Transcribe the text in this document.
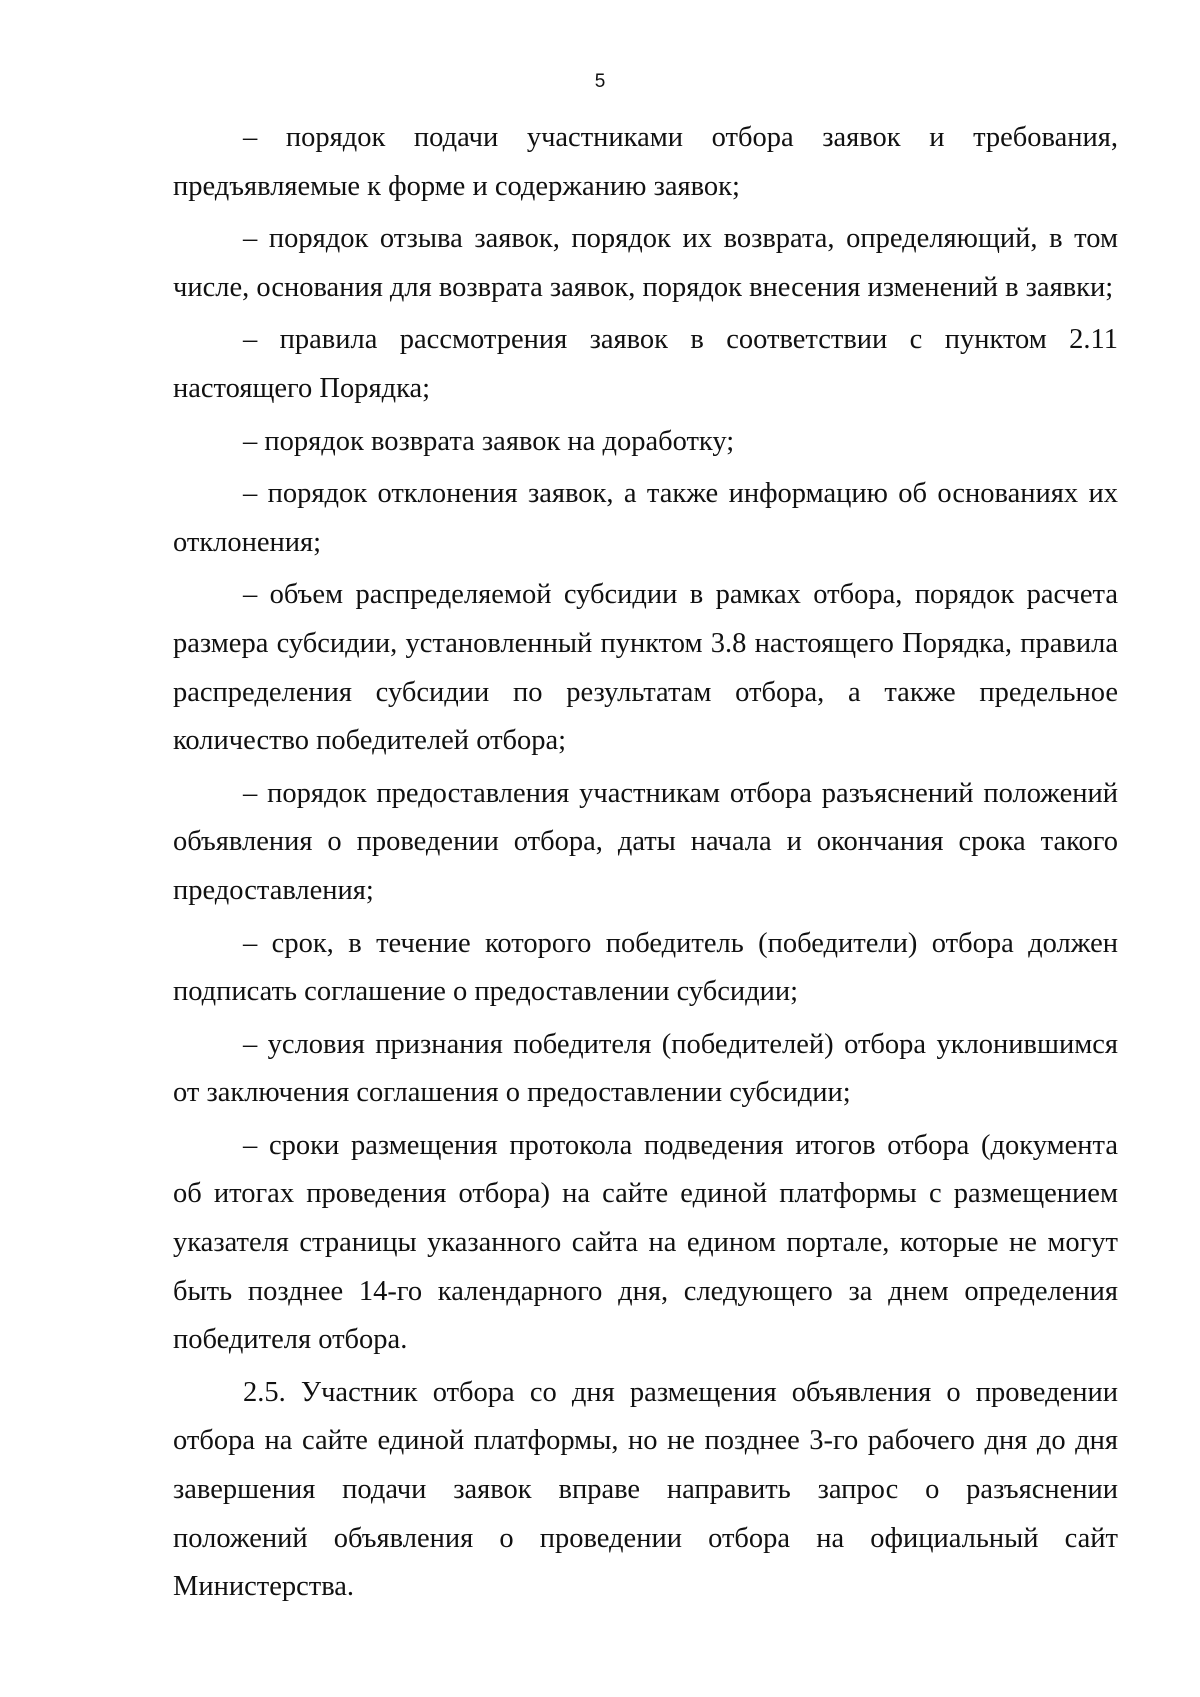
5

– порядок подачи участниками отбора заявок и требования, предъявляемые к форме и содержанию заявок;

– порядок отзыва заявок, порядок их возврата, определяющий, в том числе, основания для возврата заявок, порядок внесения изменений в заявки;

– правила рассмотрения заявок в соответствии с пунктом 2.11 настоящего Порядка;

– порядок возврата заявок на доработку;

– порядок отклонения заявок, а также информацию об основаниях их отклонения;

– объем распределяемой субсидии в рамках отбора, порядок расчета размера субсидии, установленный пунктом 3.8 настоящего Порядка, правила распределения субсидии по результатам отбора, а также предельное количество победителей отбора;

– порядок предоставления участникам отбора разъяснений положений объявления о проведении отбора, даты начала и окончания срока такого предоставления;

– срок, в течение которого победитель (победители) отбора должен подписать соглашение о предоставлении субсидии;

– условия признания победителя (победителей) отбора уклонившимся от заключения соглашения о предоставлении субсидии;

– сроки размещения протокола подведения итогов отбора (документа об итогах проведения отбора) на сайте единой платформы с размещением указателя страницы указанного сайта на едином портале, которые не могут быть позднее 14-го календарного дня, следующего за днем определения победителя отбора.

2.5. Участник отбора со дня размещения объявления о проведении отбора на сайте единой платформы, но не позднее 3-го рабочего дня до дня завершения подачи заявок вправе направить запрос о разъяснении положений объявления о проведении отбора на официальный сайт Министерства.
